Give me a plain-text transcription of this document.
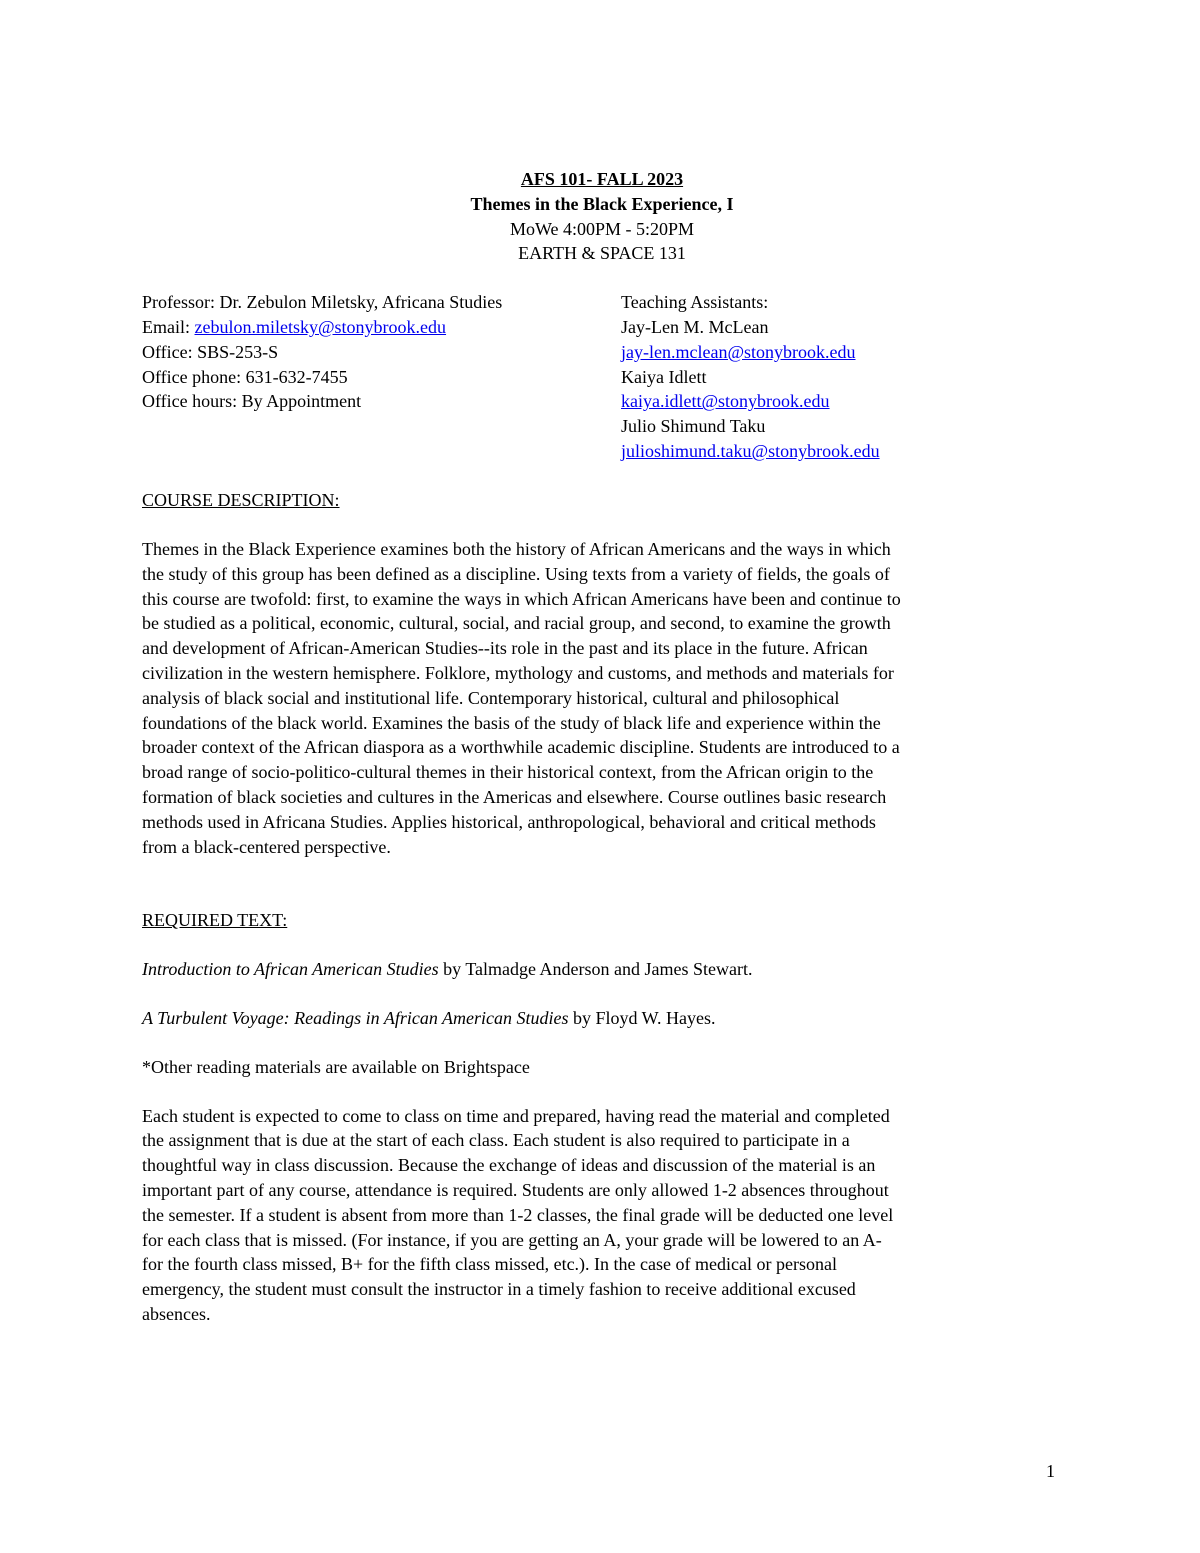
AFS 101- FALL 2023
Themes in the Black Experience, I
MoWe 4:00PM - 5:20PM
EARTH & SPACE 131
Professor: Dr. Zebulon Miletsky, Africana Studies
Email: zebulon.miletsky@stonybrook.edu
Office: SBS-253-S
Office phone: 631-632-7455
Office hours: By Appointment
Teaching Assistants:
Jay-Len M. McLean
jay-len.mclean@stonybrook.edu
Kaiya Idlett
kaiya.idlett@stonybrook.edu
Julio Shimund Taku
julioshimund.taku@stonybrook.edu
COURSE DESCRIPTION:
Themes in the Black Experience examines both the history of African Americans and the ways in which
the study of this group has been defined as a discipline. Using texts from a variety of fields, the goals of
this course are twofold: first, to examine the ways in which African Americans have been and continue to
be studied as a political, economic, cultural, social, and racial group, and second, to examine the growth
and development of African-American Studies--its role in the past and its place in the future. African
civilization in the western hemisphere. Folklore, mythology and customs, and methods and materials for
analysis of black social and institutional life. Contemporary historical, cultural and philosophical
foundations of the black world. Examines the basis of the study of black life and experience within the
broader context of the African diaspora as a worthwhile academic discipline. Students are introduced to a
broad range of socio-politico-cultural themes in their historical context, from the African origin to the
formation of black societies and cultures in the Americas and elsewhere. Course outlines basic research
methods used in Africana Studies. Applies historical, anthropological, behavioral and critical methods
from a black-centered perspective.
REQUIRED TEXT:

Introduction to African American Studies by Talmadge Anderson and James Stewart.

A Turbulent Voyage: Readings in African American Studies by Floyd W. Hayes.

*Other reading materials are available on Brightspace

Each student is expected to come to class on time and prepared, having read the material and completed
the assignment that is due at the start of each class. Each student is also required to participate in a
thoughtful way in class discussion. Because the exchange of ideas and discussion of the material is an
important part of any course, attendance is required. Students are only allowed 1-2 absences throughout
the semester. If a student is absent from more than 1-2 classes, the final grade will be deducted one level
for each class that is missed. (For instance, if you are getting an A, your grade will be lowered to an A-
for the fourth class missed, B+ for the fifth class missed, etc.). In the case of medical or personal
emergency, the student must consult the instructor in a timely fashion to receive additional excused
absences.
1
